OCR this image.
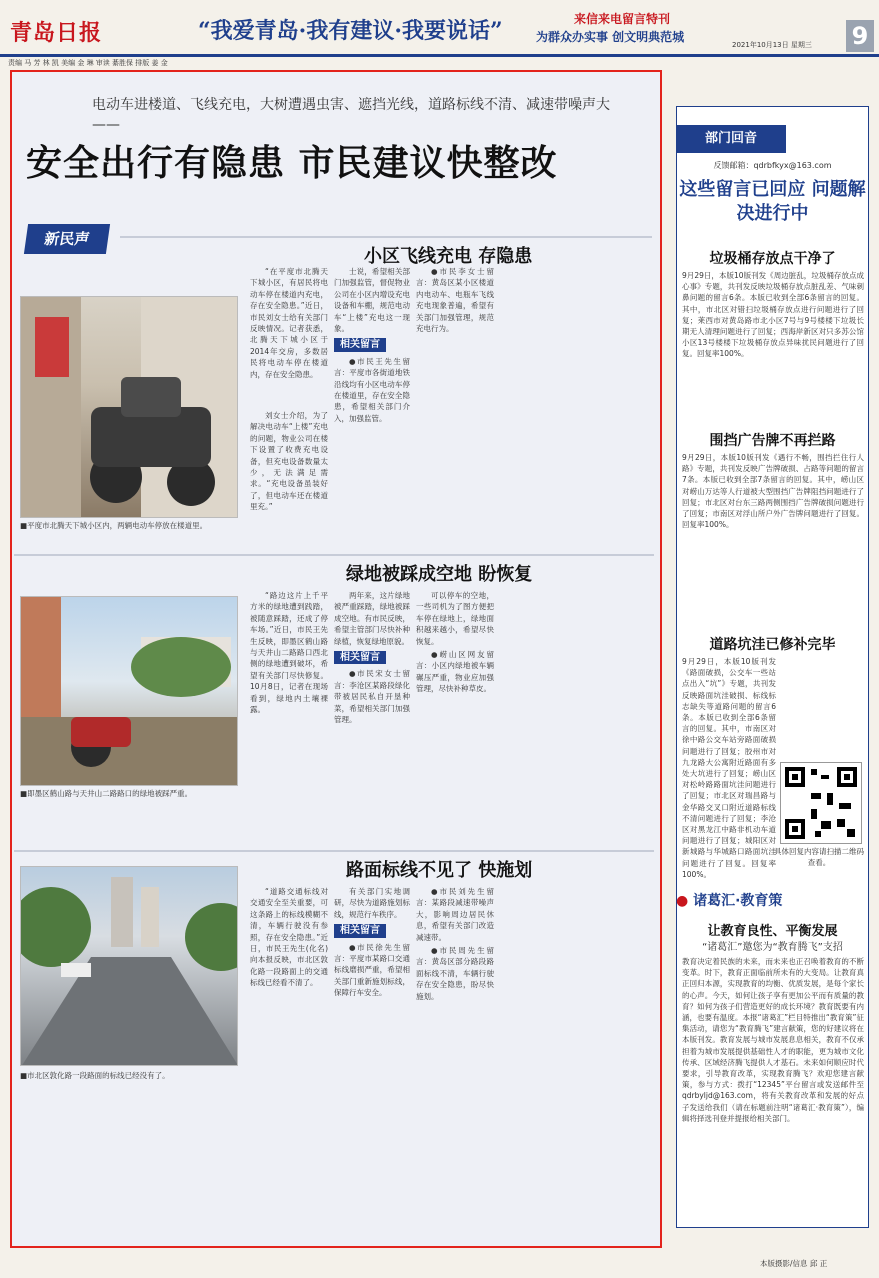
青岛日报	“我爱青岛·我有建议·我要说话”	来信来电留言特刊
为群众办实事 创文明典范城
2021年10月13日 星期三 9
责编 马 芳 林 凯 美编 金 琳 审读 綦胜保 排版 姜 金
电动车进楼道、飞线充电，大树遭遇虫害、遮挡光线，道路标线不清、减速带噪声大——
安全出行有隐患 市民建议快整改
新民声
小区飞线充电 存隐患
■平度市北腾天下城小区内，两辆电动车停放在楼道里。
“在平度市北腾天下城小区，有居民将电动车停在楼道内充电，存在安全隐患。”近日，市民刘女士给有关部门反映情况。记者获悉，北腾天下城小区于2014年交房，多数居民将电动车停在楼道内，存在安全隐患。
刘女士介绍，为了解决电动车“上楼”充电的问题，物业公司在楼下设置了收费充电设备，但充电设备数量太少，无法满足需求。“充电设备虽装好了，但电动车还在楼道里充。”
士说，希望相关部门加强监管，督促物业公司在小区内增设充电设备和车棚，规范电动车“上楼”充电这一现象。
相关留言
●市民王先生留言：平度市各街道地铁沿线均有小区电动车停在楼道里，存在安全隐患，希望相关部门介入，加强监管。
●市民李女士留言：黄岛区某小区楼道内电动车、电瓶车飞线充电现象普遍，希望有关部门加强管理，规范充电行为。
绿地被踩成空地 盼恢复
■即墨区鹤山路与天井山二路路口的绿地被踩严重。
“路边这片上千平方米的绿地遭到践踏，被随意踩踏，还成了停车场。”近日，市民王先生反映，即墨区鹤山路与天井山二路路口西北侧的绿地遭到破坏，希望有关部门尽快修复。10月8日，记者在现场看到，绿地内土壤裸露。
两年来，这片绿地被严重踩踏，绿地被踩成空地。有市民反映，希望主管部门尽快补种绿植，恢复绿地原貌。
相关留言
●市民宋女士留言：李沧区某路段绿化带被居民私自开垦种菜，希望相关部门加强管理。
可以停车的空地，一些司机为了图方便把车停在绿地上，绿地面积越来越小，希望尽快恢复。
●崂山区网友留言：小区内绿地被车辆碾压严重，物业应加强管理，尽快补种草皮。
路面标线不见了 快施划
■市北区敦化路一段路面的标线已经没有了。
“道路交通标线对交通安全至关重要，可这条路上的标线模糊不清，车辆行驶没有参照，存在安全隐患。”近日，市民王先生(化名)向本报反映，市北区敦化路一段路面上的交通标线已经看不清了。
有关部门实地调研，尽快为道路施划标线，规范行车秩序。
相关留言
●市民徐先生留言：平度市某路口交通标线磨损严重，希望相关部门重新施划标线，保障行车安全。
●市民刘先生留言：某路段减速带噪声大，影响周边居民休息，希望有关部门改造减速带。
●市民周先生留言：黄岛区部分路段路面标线不清，车辆行驶存在安全隐患，盼尽快施划。
部门回音
反馈邮箱：qdrbfkyx@163.com
这些留言已回应 问题解决进行中
垃圾桶存放点干净了
9月29日，本版10版刊发《周边脏乱，垃圾桶存放点成心事》专题，共刊发反映垃圾桶存放点脏乱差、气味刺鼻问题的留言6条。本版已收到全部6条留言的回复。其中，市北区对错扫垃圾桶存放点进行问题进行了回复；莱西市对黄岛路市北小区7号与9号楼楼下垃圾长期无人清理问题进行了回复；西海岸新区对只多苏公馆小区13号楼楼下垃圾桶存放点异味扰民问题进行了回复。回复率100%。
围挡广告牌不再拦路
9月29日，本版10版刊发《遇行不畅，围挡拦住行人路》专题，共刊发反映广告牌破损、占路等问题的留言7条。本版已收到全部7条留言的回复。其中，崂山区对崂山万达等人行道被大型围挡广告牌阻挡问题进行了回复；市北区对台东三路两侧围挡广告牌破损问题进行了回复；市南区对浮山所户外广告牌问题进行了回复。回复率100%。
道路坑洼已修补完毕
9月29日，本版10版刊发《路面破损，公交车一些站点出入“坑”》专题，共刊发反映路面坑洼破损、标线标志缺失等道路问题的留言6条。本版已收到全部6条留言的回复。其中，市南区对徐中路公交车站旁路面破损问题进行了回复；胶州市对九龙路大公寓附近路面有多处大坑进行了回复；崂山区对松岭路路面坑洼问题进行了回复；市北区对瑞昌路与金华路交叉口附近道路标线不清问题进行了回复；李沧区对黑龙江中路非机动车道问题进行了回复；城阳区对新城路与华城路口路面坑洼问题进行了回复。回复率100%。
具体回复内容请扫描二维码查看。
● 诸葛汇·教育策
让教育良性、平衡发展
“诸葛汇”邀您为“教育腾飞”支招
教育决定着民族的未来，而未来也正召唤着教育的不断变革。时下，教育正面临前所未有的大变局。让教育真正回归本源，实现教育的均衡、优质发展，是每个家长的心声。今天，如何让孩子享有更加公平而有质量的教育？如何为孩子们营造更好的成长环境？教育既要有内涵，也要有温度。本报“诸葛汇”栏目特推出“教育策”征集活动，请您为“教育腾飞”建言献策，您的好建议将在本版刊发。教育发展与城市发展息息相关，教育不仅承担着为城市发展提供基础性人才的职能，更为城市文化传承、区域经济腾飞提供人才基石。未来如何顺应时代要求，引导教育改革，实现教育腾飞？欢迎您建言献策，参与方式：拨打“12345”平台留言或发送邮件至 qdrbyljd@163.com，将有关教育改革和发展的好点子发送给我们（请在标题前注明“诸葛汇·教育策”），编辑将择选刊登并提报给相关部门。
本版摄影/信息 邱 正
